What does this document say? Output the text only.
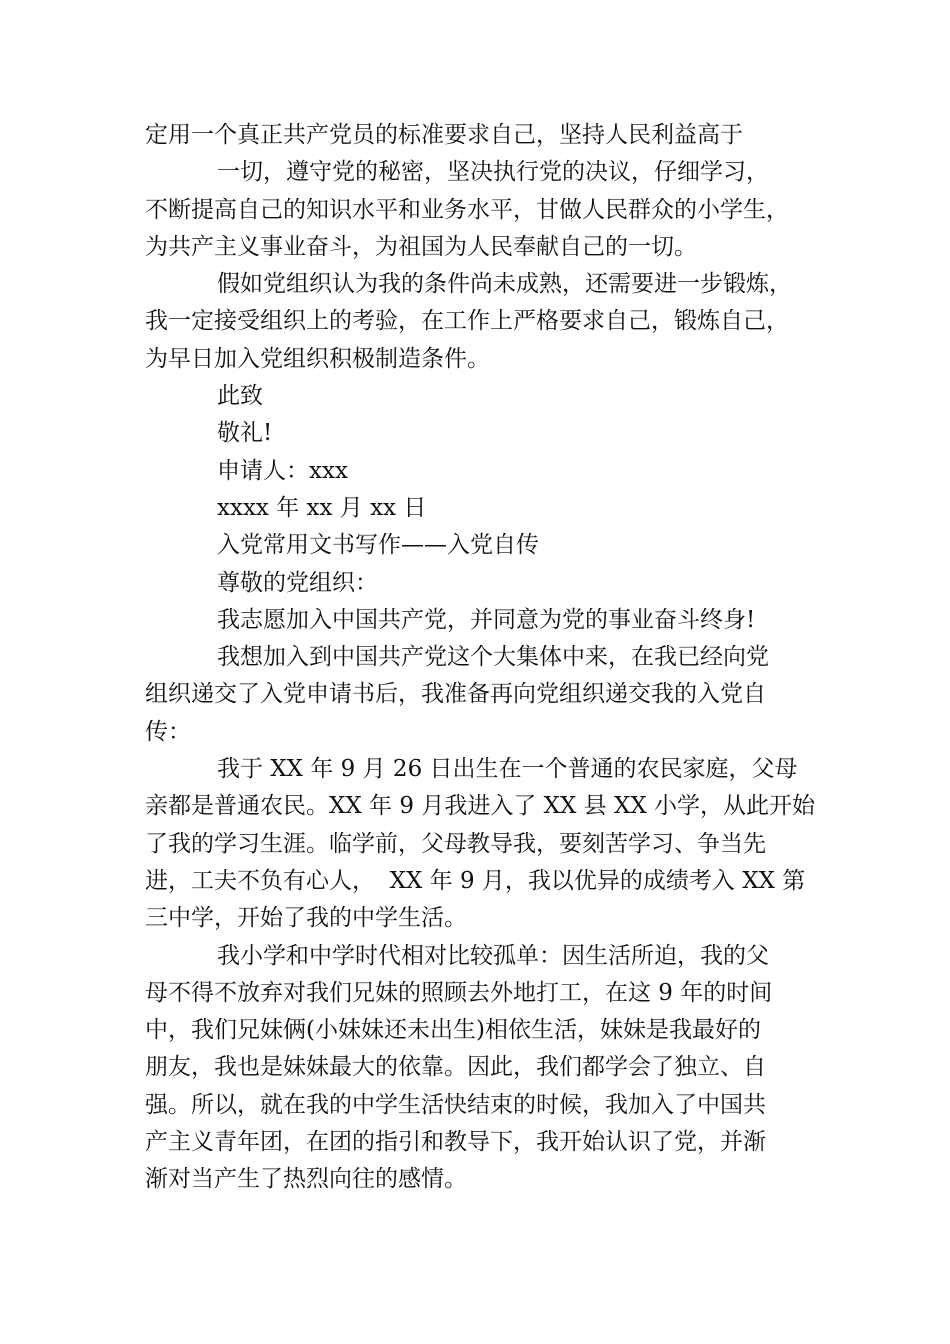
定用一个真正共产党员的标准要求自己，坚持人民利益高于
一切，遵守党的秘密，坚决执行党的决议，仔细学习，
不断提高自己的知识水平和业务水平，甘做人民群众的小学生，
为共产主义事业奋斗，为祖国为人民奉献自己的一切。
假如党组织认为我的条件尚未成熟，还需要进一步锻炼，
我一定接受组织上的考验，在工作上严格要求自己，锻炼自己，
为早日加入党组织积极制造条件。
此致
敬礼!
申请人：xxx
xxxx 年 xx 月 xx 日
入党常用文书写作——入党自传
尊敬的党组织：
我志愿加入中国共产党，并同意为党的事业奋斗终身!
我想加入到中国共产党这个大集体中来，在我已经向党
组织递交了入党申请书后，我准备再向党组织递交我的入党自
传：
我于 XX 年 9 月 26 日出生在一个普通的农民家庭，父母
亲都是普通农民。XX 年 9 月我进入了 XX 县 XX 小学，从此开始
了我的学习生涯。临学前，父母教导我，要刻苦学习、争当先
进，工夫不负有心人，  XX 年 9 月，我以优异的成绩考入 XX 第
三中学，开始了我的中学生活。
我小学和中学时代相对比较孤单：因生活所迫，我的父
母不得不放弃对我们兄妹的照顾去外地打工，在这 9 年的时间
中，我们兄妹俩(小妹妹还未出生)相依生活，妹妹是我最好的
朋友，我也是妹妹最大的依靠。因此，我们都学会了独立、自
强。所以，就在我的中学生活快结束的时候，我加入了中国共
产主义青年团，在团的指引和教导下，我开始认识了党，并渐
渐对当产生了热烈向往的感情。
